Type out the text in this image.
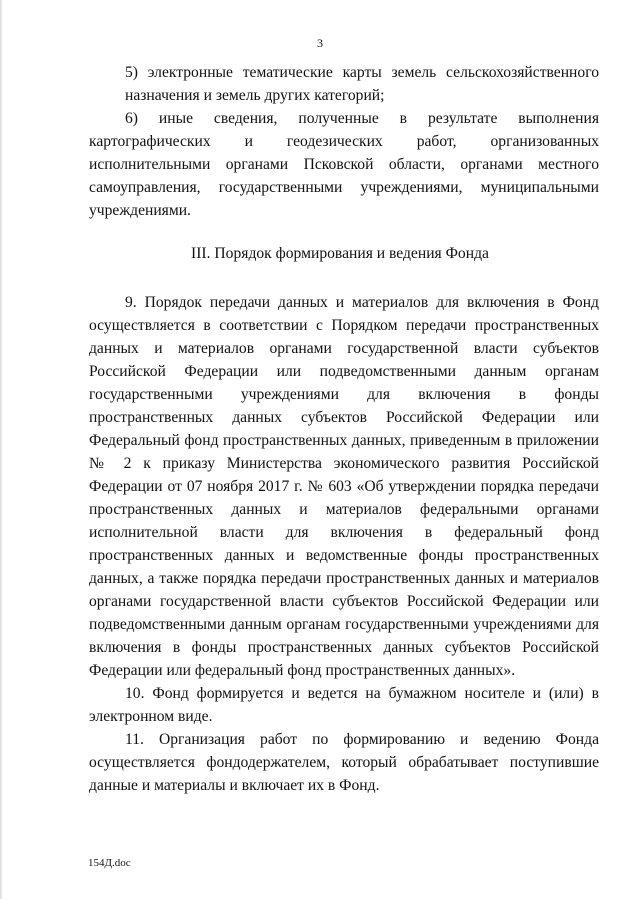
3

5) электронные тематические карты земель сельскохозяйственного назначения и земель других категорий;

6) иные сведения, полученные в результате выполнения картографических и геодезических работ, организованных исполнительными органами Псковской области, органами местного самоуправления, государственными учреждениями, муниципальными учреждениями.

III. Порядок формирования и ведения Фонда

9. Порядок передачи данных и материалов для включения в Фонд осуществляется в соответствии с Порядком передачи пространственных данных и материалов органами государственной власти субъектов Российской Федерации или подведомственными данным органам государственными учреждениями для включения в фонды пространственных данных субъектов Российской Федерации или Федеральный фонд пространственных данных, приведенным в приложении № 2 к приказу Министерства экономического развития Российской Федерации от 07 ноября 2017 г. № 603 «Об утверждении порядка передачи пространственных данных и материалов федеральными органами исполнительной власти для включения в федеральный фонд пространственных данных и ведомственные фонды пространственных данных, а также порядка передачи пространственных данных и материалов органами государственной власти субъектов Российской Федерации или подведомственными данным органам государственными учреждениями для включения в фонды пространственных данных субъектов Российской Федерации или федеральный фонд пространственных данных».

10. Фонд формируется и ведется на бумажном носителе и (или) в электронном виде.

11. Организация работ по формированию и ведению Фонда осуществляется фондодержателем, который обрабатывает поступившие данные и материалы и включает их в Фонд.

154Д.doc
